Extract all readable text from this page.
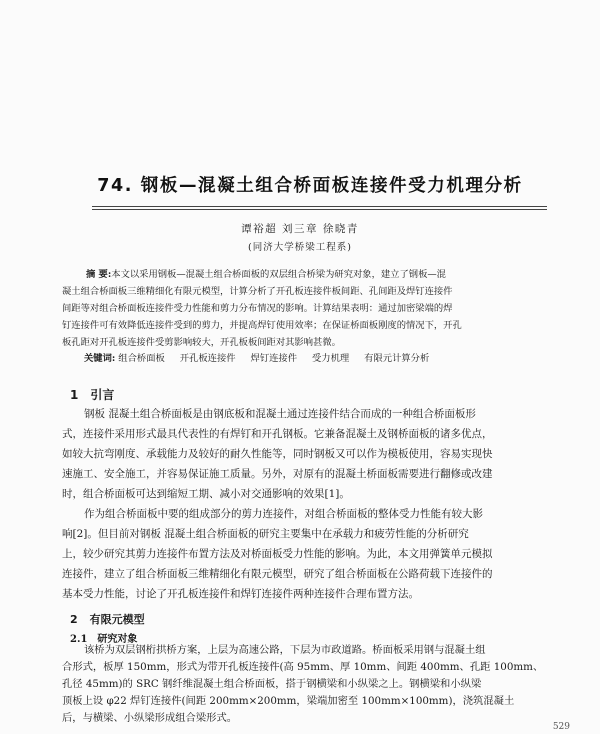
74. 钢板—混凝土组合桥面板连接件受力机理分析
谭裕超 刘三章 徐晓青
(同济大学桥梁工程系)
摘 要:本文以采用钢板—混凝土组合桥面板的双层组合桥梁为研究对象，建立了钢板—混
凝土组合桥面板三维精细化有限元模型，计算分析了开孔板连接件板间距、孔间距及焊钉连接件
间距等对组合桥面板连接件受力性能和剪力分布情况的影响。计算结果表明：通过加密梁端的焊
钉连接件可有效降低连接件受到的剪力，并提高焊钉使用效率；在保证桥面板刚度的情况下，开孔
板孔距对开孔板连接件受剪影响较大，开孔板板间距对其影响甚微。
关键词: 组合桥面板 开孔板连接件 焊钉连接件 受力机理 有限元计算分析
1 引言
钢板 混凝土组合桥面板是由钢底板和混凝土通过连接件结合而成的一种组合桥面板形
式，连接件采用形式最具代表性的有焊钉和开孔钢板。它兼备混凝土及钢桥面板的诸多优点，
如较大抗弯刚度、承载能力及较好的耐久性能等，同时钢板又可以作为模板使用，容易实现快
速施工、安全施工，并容易保证施工质量。另外，对原有的混凝土桥面板需要进行翻修或改建
时，组合桥面板可达到缩短工期、减小对交通影响的效果[1]。
作为组合桥面板中要的组成部分的剪力连接件，对组合桥面板的整体受力性能有较大影
响[2]。但目前对钢板 混凝土组合桥面板的研究主要集中在承载力和疲劳性能的分析研究
上，较少研究其剪力连接件布置方法及对桥面板受力性能的影响。为此，本文用弹簧单元模拟
连接件，建立了组合桥面板三维精细化有限元模型，研究了组合桥面板在公路荷载下连接件的
基本受力性能，讨论了开孔板连接件和焊钉连接件两种连接件合理布置方法。
2 有限元模型
2.1 研究对象
该桥为双层钢桁拱桥方案，上层为高速公路，下层为市政道路。桥面板采用钢与混凝土组
合形式，板厚 150mm，形式为带开孔板连接件(高 95mm、厚 10mm、间距 400mm、孔距 100mm、
孔径 45mm)的 SRC 钢纤维混凝土组合桥面板，搭于钢横梁和小纵梁之上。钢横梁和小纵梁
顶板上设 φ22 焊钉连接件(间距 200mm×200mm，梁端加密至 100mm×100mm)，浇筑混凝土
后，与横梁、小纵梁形成组合梁形式。
529
